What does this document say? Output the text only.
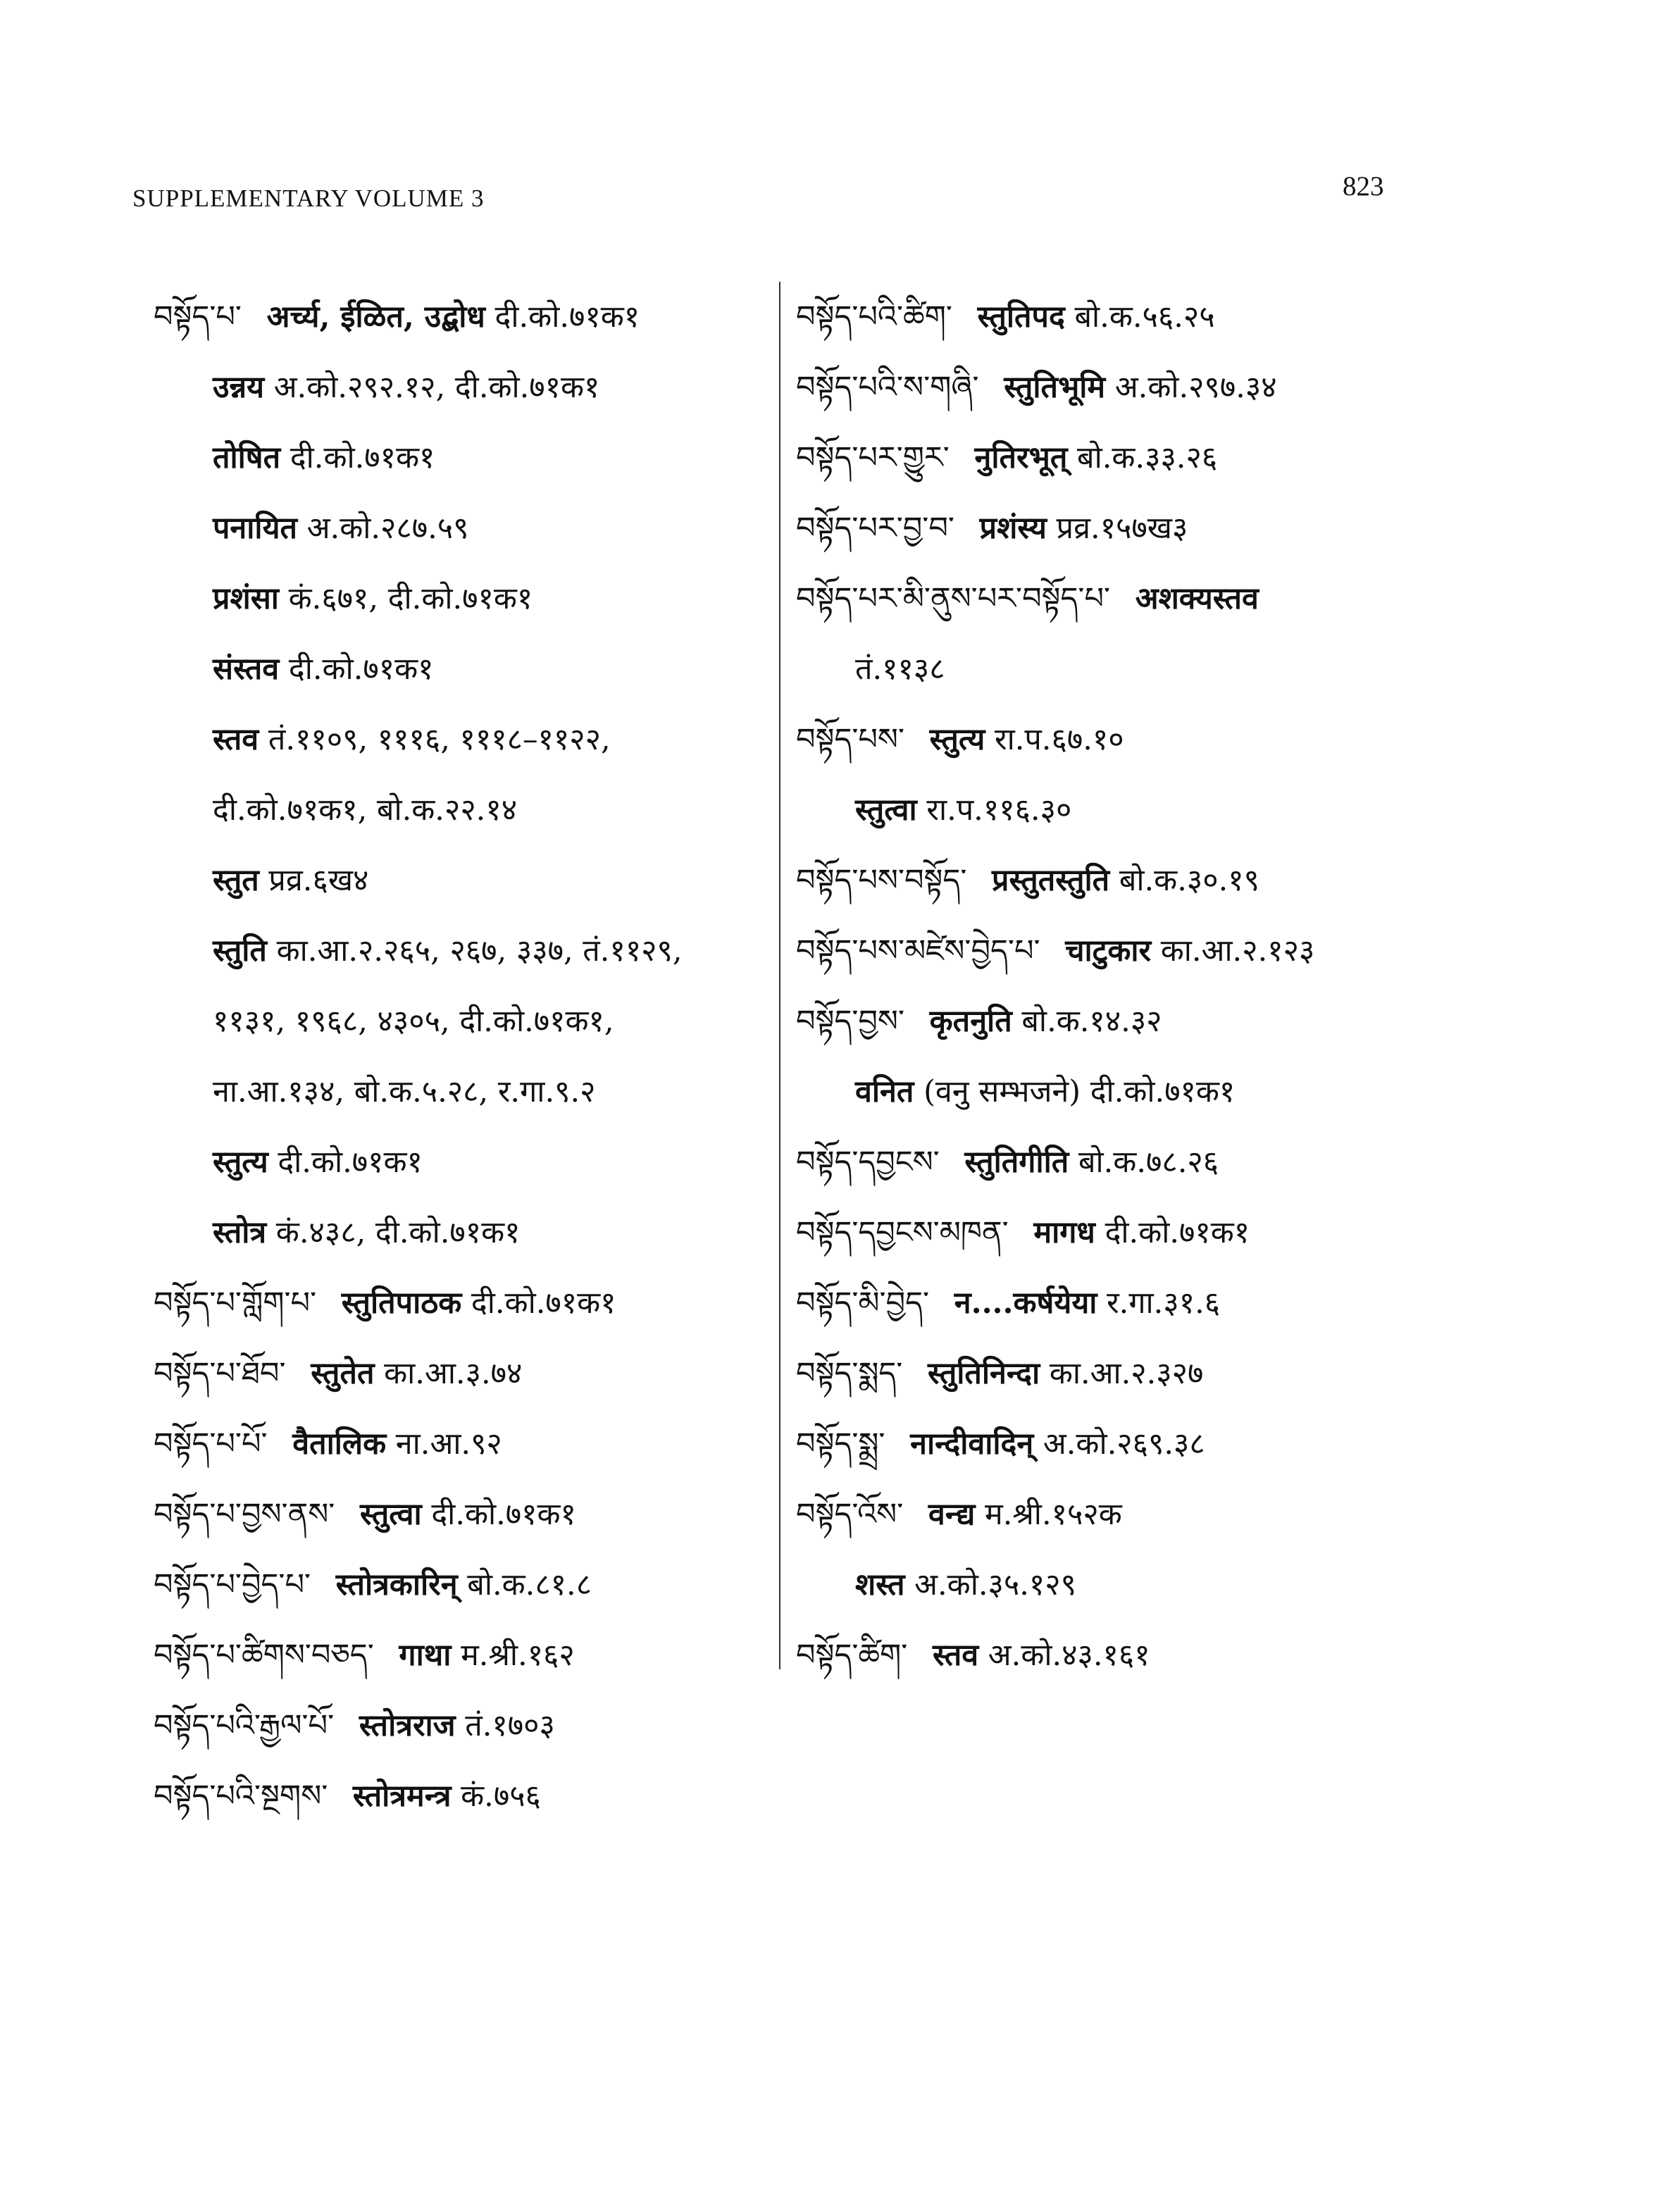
SUPPLEMENTARY VOLUME 3	823
བསྟོད་པ་ अर्च्य, ईळित, उद्बोध दी.को.७१क१
उन्नय अ.को.२९२.१२, दी.को.७१क१
तोषित दी.को.७१क१
पनायित अ.को.२८७.५९
प्रशंसा कं.६७१, दी.को.७१क१
संस्तव दी.को.७१क१
स्तव तं.११०९, १११६, १११८–११२२,
दी.को.७१क१, बो.क.२२.१४
स्तुत प्रव्र.६ख४
स्तुति का.आ.२.२६५, २६७, ३३७, तं.११२९,
११३१, १९६८, ४३०५, दी.को.७१क१,
ना.आ.१३४, बो.क.५.२८, र.गा.९.२
स्तुत्य दी.को.७१क१
स्तोत्र कं.४३८, दी.को.७१क१
བསྟོད་པ་གློག་པ་ स्तुतिपाठक दी.को.७१क१
བསྟོད་པ་ཐོབ་ स्तुतेत का.आ.३.७४
བསྟོད་པ་པོ་ वैतालिक ना.आ.९२
བསྟོད་པ་བྱས་ནས་ स्तुत्वा दी.को.७१क१
བསྟོད་པ་བྱེད་པ་ स्तोत्रकारिन् बो.क.८१.८
བསྟོད་པ་ཚིགས་བཅད་ गाथा म.श्री.१६२
བསྟོད་པའི་རྒྱལ་པོ་ स्तोत्रराज तं.१७०३
བསྟོད་པའི་སྔགས་ स्तोत्रमन्त्र कं.७५६
བསྟོད་པའི་ཚིག་ स्तुतिपद बो.क.५६.२५
བསྟོད་པའི་ས་གཞི་ स्तुतिभूमि अ.को.२९७.३४
བསྟོད་པར་གྱུར་ नुतिरभूत् बो.क.३३.२६
བསྟོད་པར་བྱ་བ་ प्रशंस्य प्रव्र.१५७ख३
བསྟོད་པར་མི་ནུས་པར་བསྟོད་པ་ अशक्यस्तव
तं.११३८
བསྟོད་པས་ स्तुत्य रा.प.६७.१०
स्तुत्वा रा.प.११६.३०
བསྟོད་པས་བསྟོད་ प्रस्तुतस्तुति बो.क.३०.१९
བསྟོད་པས་མཛེས་བྱེད་པ་ चाटुकार का.आ.२.१२३
བསྟོད་བྱས་ कृतनुति बो.क.१४.३२
वनित (वनु सम्भजने) दी.को.७१क१
བསྟོད་དབྱངས་ स्तुतिगीति बो.क.७८.२६
བསྟོད་དབྱངས་མཁན་ मागध दी.को.७१क१
བསྟོད་མི་བྱེད་ न....कर्षयेया र.गा.३१.६
བསྟོད་སྨད་ स्तुतिनिन्दा का.आ.२.३२७
བསྟོད་སྨྲ་ नान्दीवादिन् अ.को.२६९.३८
བསྟོད་འོས་ वन्द्य म.श्री.१५२क
शस्त अ.को.३५.१२९
བསྟོད་ཚིག་ स्तव अ.को.४३.१६१
